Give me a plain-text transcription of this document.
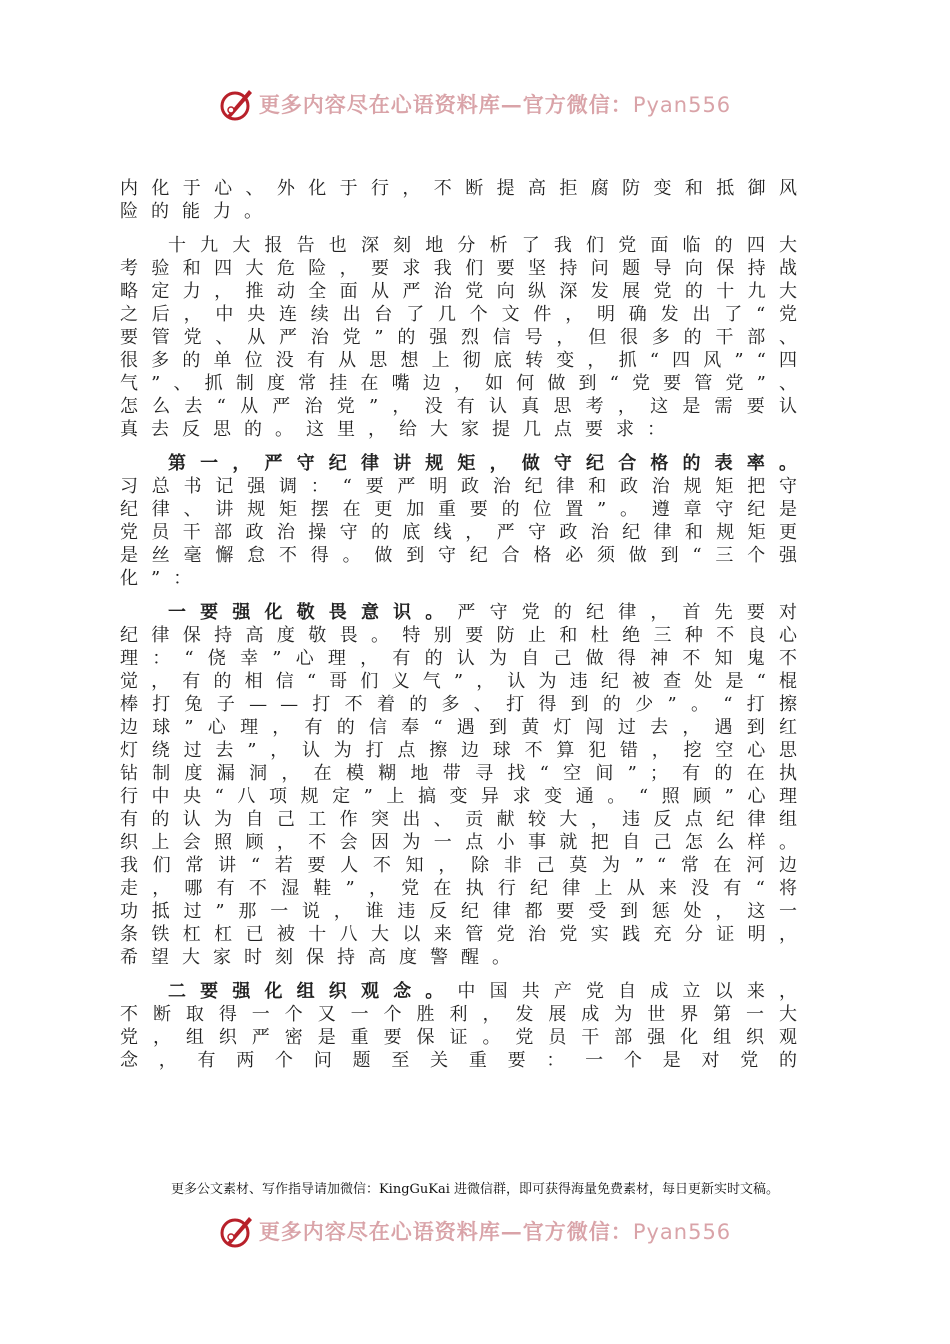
更多内容尽在心语资料库—官方微信：Pyan556

内化于心、外化于行，不断提高拒腐防变和抵御风险的能力。

十九大报告也深刻地分析了我们党面临的四大考验和四大危险，要求我们要坚持问题导向保持战略定力，推动全面从严治党向纵深发展党的十九大之后，中央连续出台了几个文件，明确发出了“党要管党、从严治党”的强烈信号，但很多的干部、很多的单位没有从思想上彻底转变，抓“四风”“四气”、抓制度常挂在嘴边，如何做到“党要管党”、怎么去“从严治党”，没有认真思考，这是需要认真去反思的。这里，给大家提几点要求：

第一，严守纪律讲规矩，做守纪合格的表率。习总书记强调：“要严明政治纪律和政治规矩把守纪律、讲规矩摆在更加重要的位置”。遵章守纪是党员干部政治操守的底线，严守政治纪律和规矩更是丝毫懈怠不得。做到守纪合格必须做到“三个强化”：

一要强化敬畏意识。严守党的纪律，首先要对纪律保持高度敬畏。特别要防止和杜绝三种不良心理：“侥幸”心理，有的认为自己做得神不知鬼不觉，有的相信“哥们义气”，认为违纪被查处是“棍棒打兔子——打不着的多、打得到的少”。“打擦边球”心理，有的信奉“遇到黄灯闯过去，遇到红灯绕过去”，认为打点擦边球不算犯错，挖空心思钻制度漏洞，在模糊地带寻找“空间”；有的在执行中央“八项规定”上搞变异求变通。“照顾”心理有的认为自己工作突出、贡献较大，违反点纪律组织上会照顾，不会因为一点小事就把自己怎么样。我们常讲“若要人不知，除非己莫为”“常在河边走，哪有不湿鞋”，党在执行纪律上从来没有“将功抵过”那一说，谁违反纪律都要受到惩处，这一条铁杠杠已被十八大以来管党治党实践充分证明，希望大家时刻保持高度警醒。

二要强化组织观念。中国共产党自成立以来，不断取得一个又一个胜利，发展成为世界第一大党，组织严密是重要保证。党员干部强化组织观念，有两个问题至关重要：一个是对党的

更多公文素材、写作指导请加微信：KingGuKai 进微信群，即可获得海量免费素材，每日更新实时文稿。
更多内容尽在心语资料库—官方微信：Pyan556
